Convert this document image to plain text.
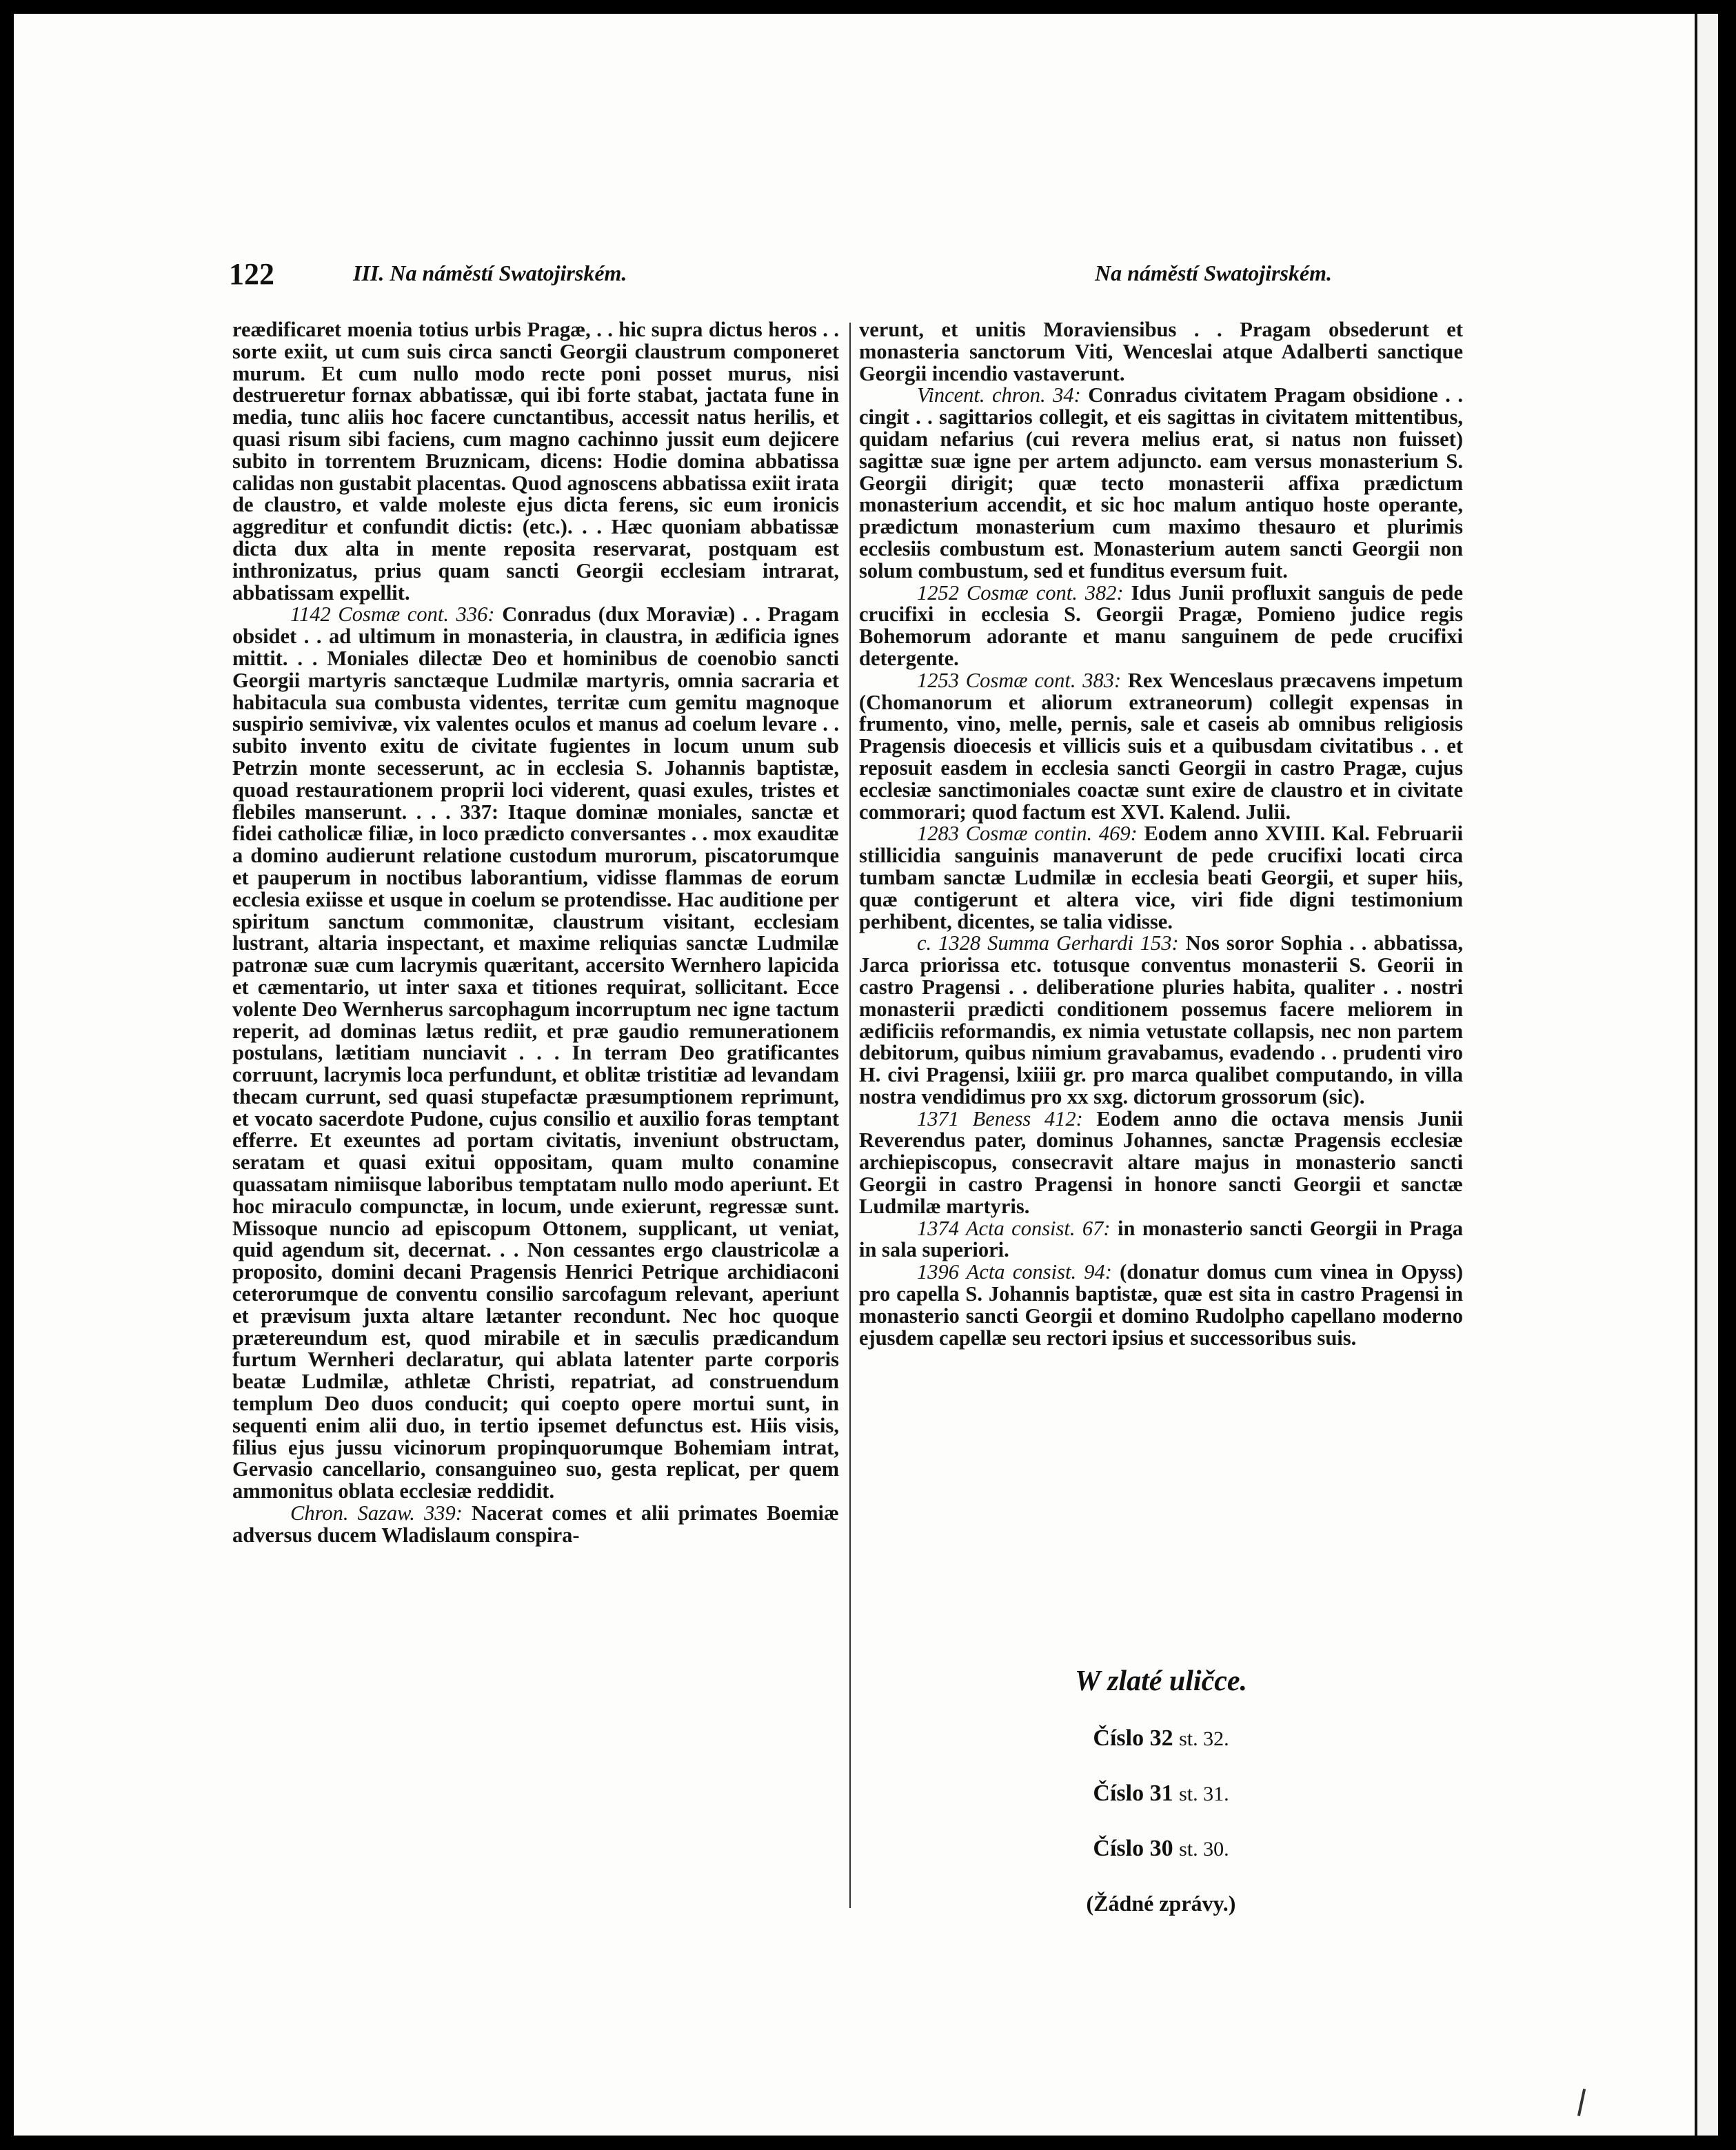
122	III. Na náměstí Swatojirském.	Na náměstí Swatojirském.

reædificaret moenia totius urbis Pragæ, . . hic supra dictus heros . . sorte exiit, ut cum suis circa sancti Georgii claustrum componeret murum. Et cum nullo modo recte poni posset murus, nisi destrueretur fornax abbatissæ, qui ibi forte stabat, jactata fune in media, tunc aliis hoc facere cunctantibus, accessit natus herilis, et quasi risum sibi faciens, cum magno cachinno jussit eum dejicere subito in torrentem Bruznicam, dicens: Hodie domina abbatissa calidas non gustabit placentas. Quod agnoscens abbatissa exiit irata de claustro, et valde moleste ejus dicta ferens, sic eum ironicis aggreditur et confundit dictis: (etc.). . . Hæc quoniam abbatissæ dicta dux alta in mente reposita reservarat, postquam est inthronizatus, prius quam sancti Georgii ecclesiam intrarat, abbatissam expellit.

1142 Cosmæ cont. 336: Conradus (dux Moraviæ) . . Pragam obsidet . . ad ultimum in monasteria, in claustra, in ædificia ignes mittit. . . Moniales dilectæ Deo et hominibus de coenobio sancti Georgii martyris sanctæque Ludmilæ martyris, omnia sacraria et habitacula sua combusta videntes, territæ cum gemitu magnoque suspirio semivivæ, vix valentes oculos et manus ad coelum levare . . subito invento exitu de civitate fugientes in locum unum sub Petrzin monte secesserunt, ac in ecclesia S. Johannis baptistæ, quoad restaurationem proprii loci viderent, quasi exules, tristes et flebiles manserunt. . . . 337: Itaque dominæ moniales, sanctæ et fidei catholicæ filiæ, in loco prædicto conversantes . . mox exauditæ a domino audierunt relatione custodum murorum, piscatorumque et pauperum in noctibus laborantium, vidisse flammas de eorum ecclesia exiisse et usque in coelum se protendisse. Hac auditione per spiritum sanctum commonitæ, claustrum visitant, ecclesiam lustrant, altaria inspectant, et maxime reliquias sanctæ Ludmilæ patronæ suæ cum lacrymis quæritant, accersito Wernhero lapicida et cæmentario, ut inter saxa et titiones requirat, sollicitant. Ecce volente Deo Wernherus sarcophagum incorruptum nec igne tactum reperit, ad dominas lætus rediit, et præ gaudio remunerationem postulans, lætitiam nunciavit . . . In terram Deo gratificantes corruunt, lacrymis loca perfundunt, et oblitæ tristitiæ ad levandam thecam currunt, sed quasi stupefactæ præsumptionem reprimunt, et vocato sacerdote Pudone, cujus consilio et auxilio foras temptant efferre. Et exeuntes ad portam civitatis, inveniunt obstructam, seratam et quasi exitui oppositam, quam multo conamine quassatam nimiisque laboribus temptatam nullo modo aperiunt. Et hoc miraculo compunctæ, in locum, unde exierunt, regressæ sunt. Missoque nuncio ad episcopum Ottonem, supplicant, ut veniat, quid agendum sit, decernat. . . Non cessantes ergo claustricolæ a proposito, domini decani Pragensis Henrici Petrique archidiaconi ceterorumque de conventu consilio sarcofagum relevant, aperiunt et prævisum juxta altare lætanter recondunt. Nec hoc quoque prætereundum est, quod mirabile et in sæculis prædicandum furtum Wernheri declaratur, qui ablata latenter parte corporis beatæ Ludmilæ, athletæ Christi, repatriat, ad construendum templum Deo duos conducit; qui coepto opere mortui sunt, in sequenti enim alii duo, in tertio ipsemet defunctus est. Hiis visis, filius ejus jussu vicinorum propinquorumque Bohemiam intrat, Gervasio cancellario, consanguineo suo, gesta replicat, per quem ammonitus oblata ecclesiæ reddidit.

Chron. Sazaw. 339: Nacerat comes et alii primates Boemiæ adversus ducem Wladislaum conspira-

verunt, et unitis Moraviensibus . . Pragam obsederunt et monasteria sanctorum Viti, Wenceslai atque Adalberti sanctique Georgii incendio vastaverunt.

Vincent. chron. 34: Conradus civitatem Pragam obsidione . . cingit . . sagittarios collegit, et eis sagittas in civitatem mittentibus, quidam nefarius (cui revera melius erat, si natus non fuisset) sagittæ suæ igne per artem adjuncto. eam versus monasterium S. Georgii dirigit; quæ tecto monasterii affixa prædictum monasterium accendit, et sic hoc malum antiquo hoste operante, prædictum monasterium cum maximo thesauro et plurimis ecclesiis combustum est. Monasterium autem sancti Georgii non solum combustum, sed et funditus eversum fuit.

1252 Cosmæ cont. 382: Idus Junii profluxit sanguis de pede crucifixi in ecclesia S. Georgii Pragæ, Pomieno judice regis Bohemorum adorante et manu sanguinem de pede crucifixi detergente.

1253 Cosmæ cont. 383: Rex Wenceslaus præcavens impetum (Chomanorum et aliorum extraneorum) collegit expensas in frumento, vino, melle, pernis, sale et caseis ab omnibus religiosis Pragensis dioecesis et villicis suis et a quibusdam civitatibus . . et reposuit easdem in ecclesia sancti Georgii in castro Pragæ, cujus ecclesiæ sanctimoniales coactæ sunt exire de claustro et in civitate commorari; quod factum est XVI. Kalend. Julii.

1283 Cosmæ contin. 469: Eodem anno XVIII. Kal. Februarii stillicidia sanguinis manaverunt de pede crucifixi locati circa tumbam sanctæ Ludmilæ in ecclesia beati Georgii, et super hiis, quæ contigerunt et altera vice, viri fide digni testimonium perhibent, dicentes, se talia vidisse.

c. 1328 Summa Gerhardi 153: Nos soror Sophia . . abbatissa, Jarca priorissa etc. totusque conventus monasterii S. Georii in castro Pragensi . . deliberatione pluries habita, qualiter . . nostri monasterii prædicti conditionem possemus facere meliorem in ædificiis reformandis, ex nimia vetustate collapsis, nec non partem debitorum, quibus nimium gravabamus, evadendo . . prudenti viro H. civi Pragensi, lxiiii gr. pro marca qualibet computando, in villa nostra vendidimus pro xx sxg. dictorum grossorum (sic).

1371 Beness 412: Eodem anno die octava mensis Junii Reverendus pater, dominus Johannes, sanctæ Pragensis ecclesiæ archiepiscopus, consecravit altare majus in monasterio sancti Georgii in castro Pragensi in honore sancti Georgii et sanctæ Ludmilæ martyris.

1374 Acta consist. 67: in monasterio sancti Georgii in Praga in sala superiori.

1396 Acta consist. 94: (donatur domus cum vinea in Opyss) pro capella S. Johannis baptistæ, quæ est sita in castro Pragensi in monasterio sancti Georgii et domino Rudolpho capellano moderno ejusdem capellæ seu rectori ipsius et successoribus suis.

W zlaté uličce.
Číslo 32 st. 32.
Číslo 31 st. 31.
Číslo 30 st. 30.
(Žádné zprávy.)
